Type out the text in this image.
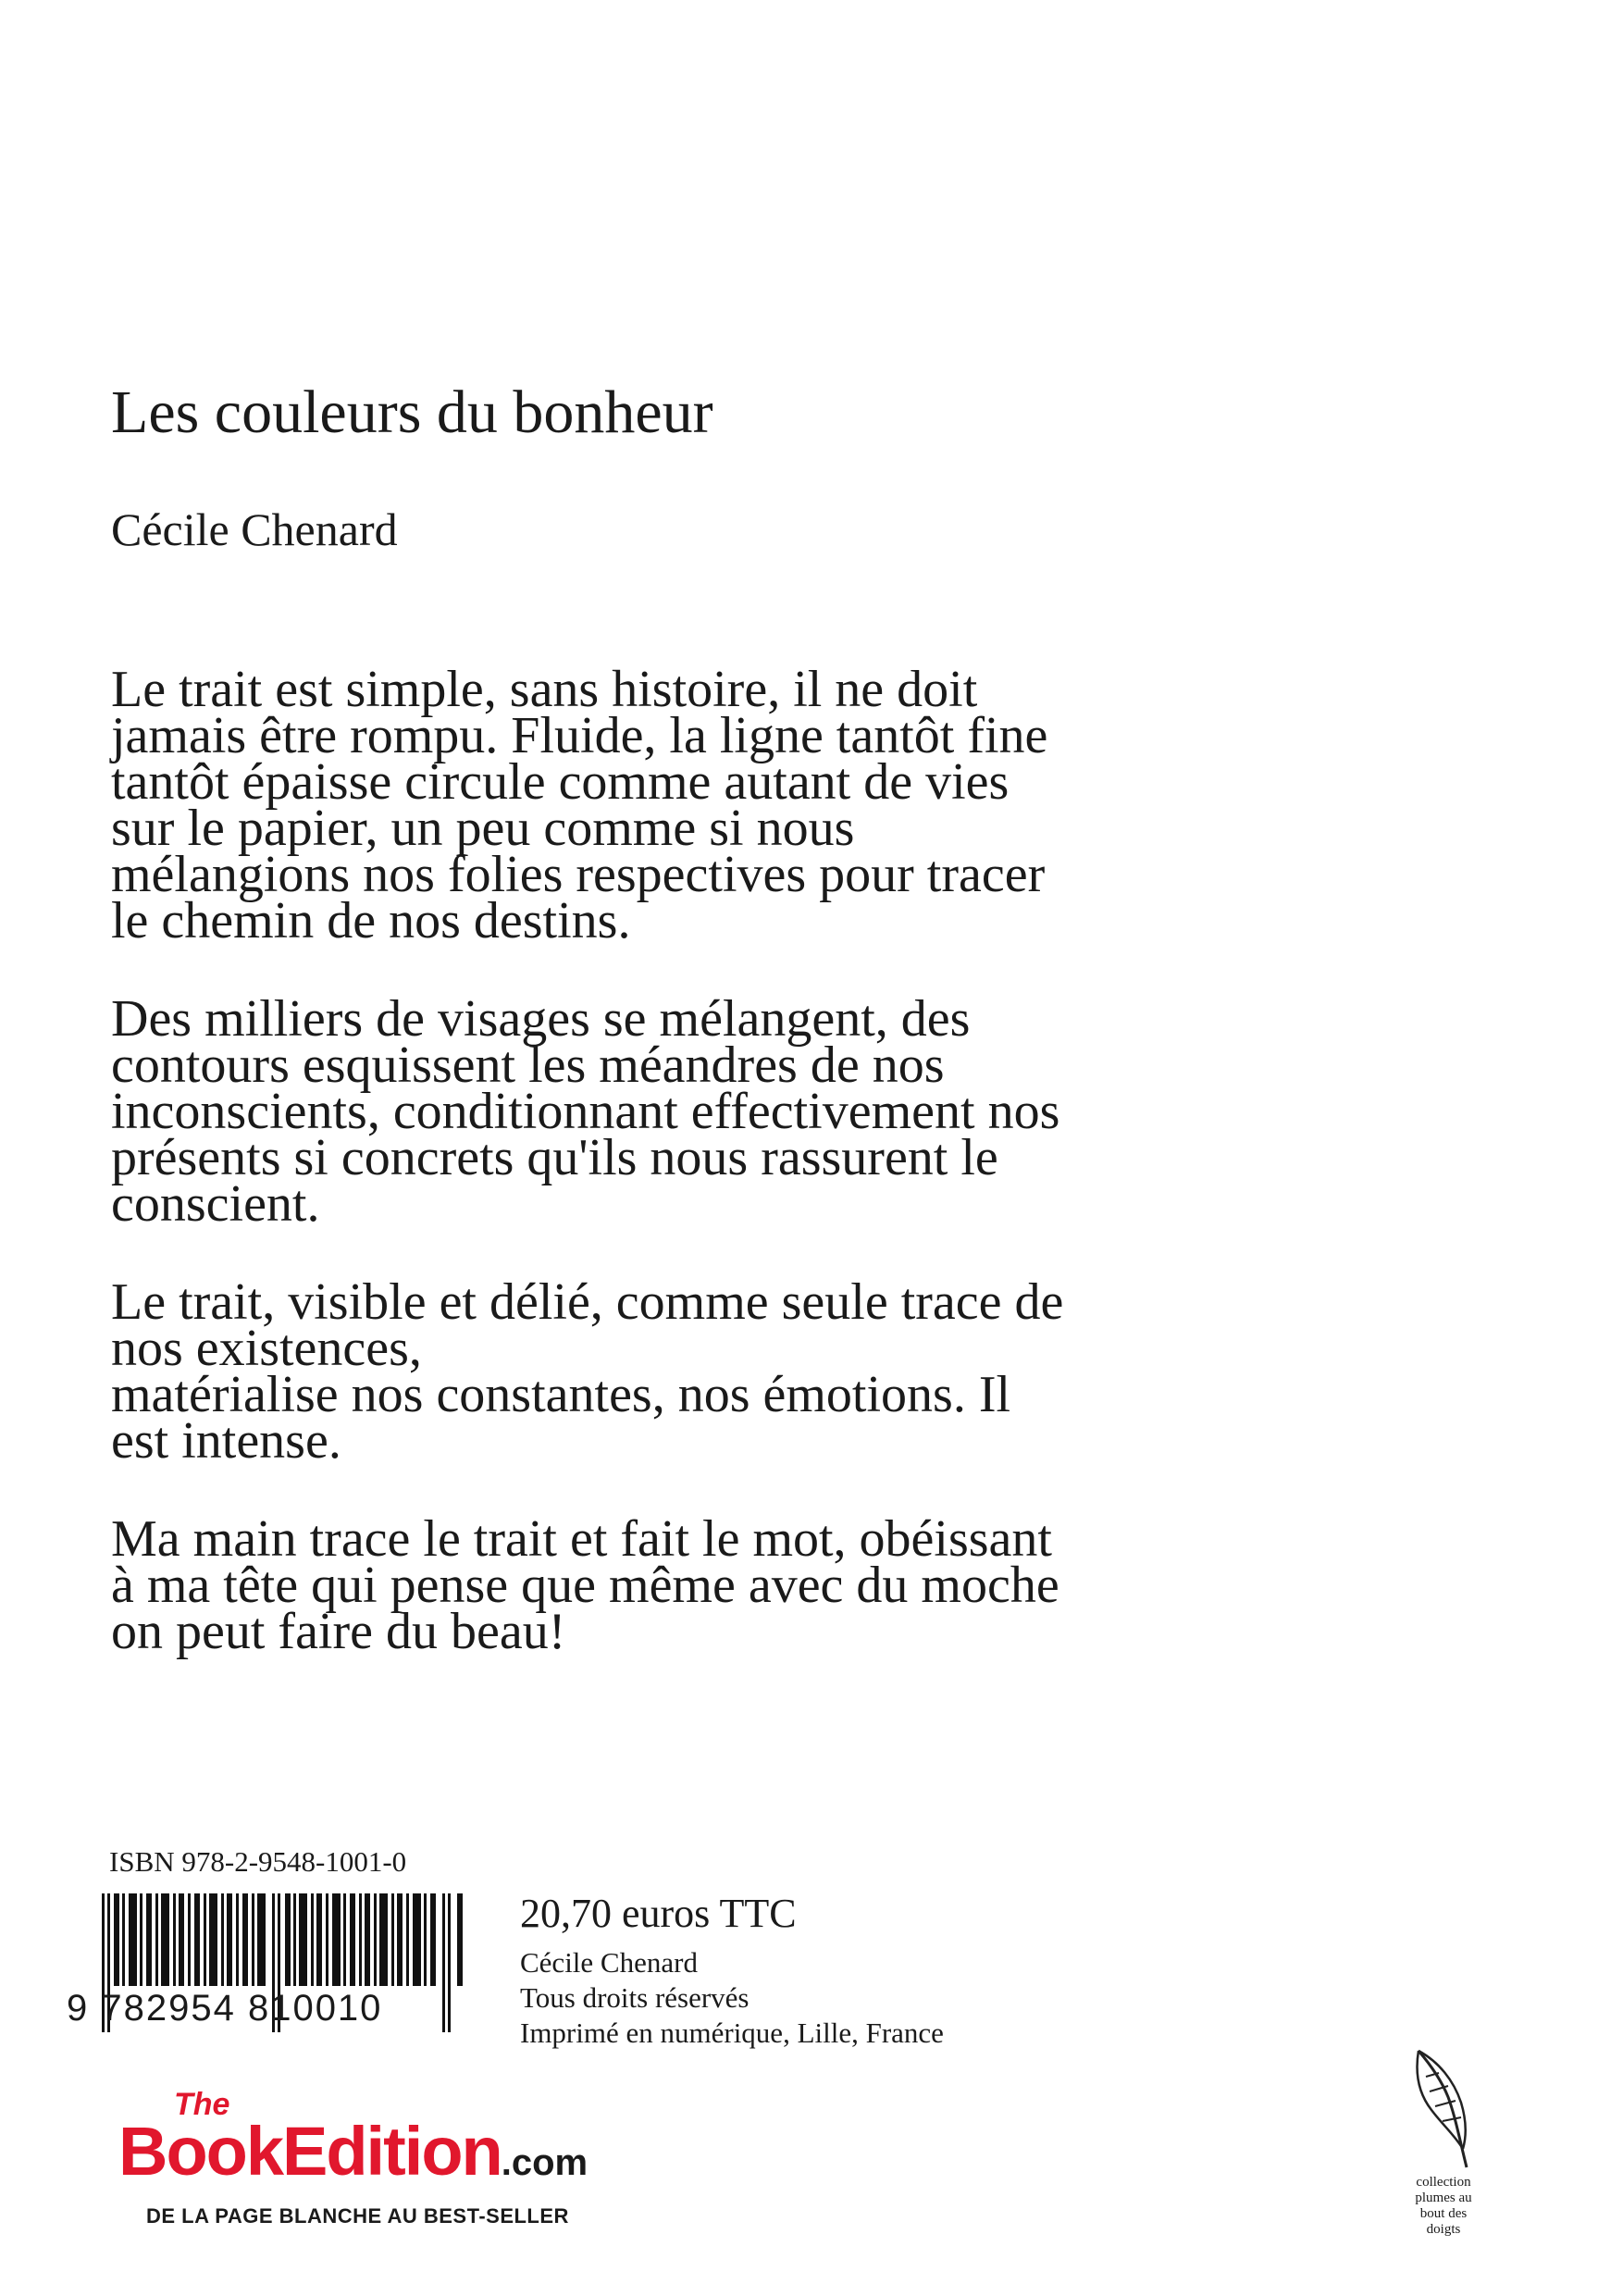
Les couleurs du bonheur
Cécile Chenard

Le trait est simple, sans histoire, il ne doit
jamais être rompu. Fluide, la ligne tantôt fine
tantôt épaisse circule comme autant de vies
sur le papier, un peu comme si nous
mélangions nos folies respectives pour tracer
le chemin de nos destins.

Des milliers de visages se mélangent, des
contours esquissent les méandres de nos
inconscients, conditionnant effectivement nos
présents si concrets qu'ils nous rassurent le
conscient.

Le trait, visible et délié, comme seule trace de
nos existences,
matérialise nos constantes, nos émotions. Il
est intense.

Ma main trace le trait et fait le mot, obéissant
à ma tête qui pense que même avec du moche
on peut faire du beau!

ISBN 978-2-9548-1001-0
9 782954 810010
20,70 euros TTC
Cécile Chenard
Tous droits réservés
Imprimé en numérique, Lille, France
The
BookEdition.com
DE LA PAGE BLANCHE AU BEST-SELLER
collection
plumes au
bout des
doigts
